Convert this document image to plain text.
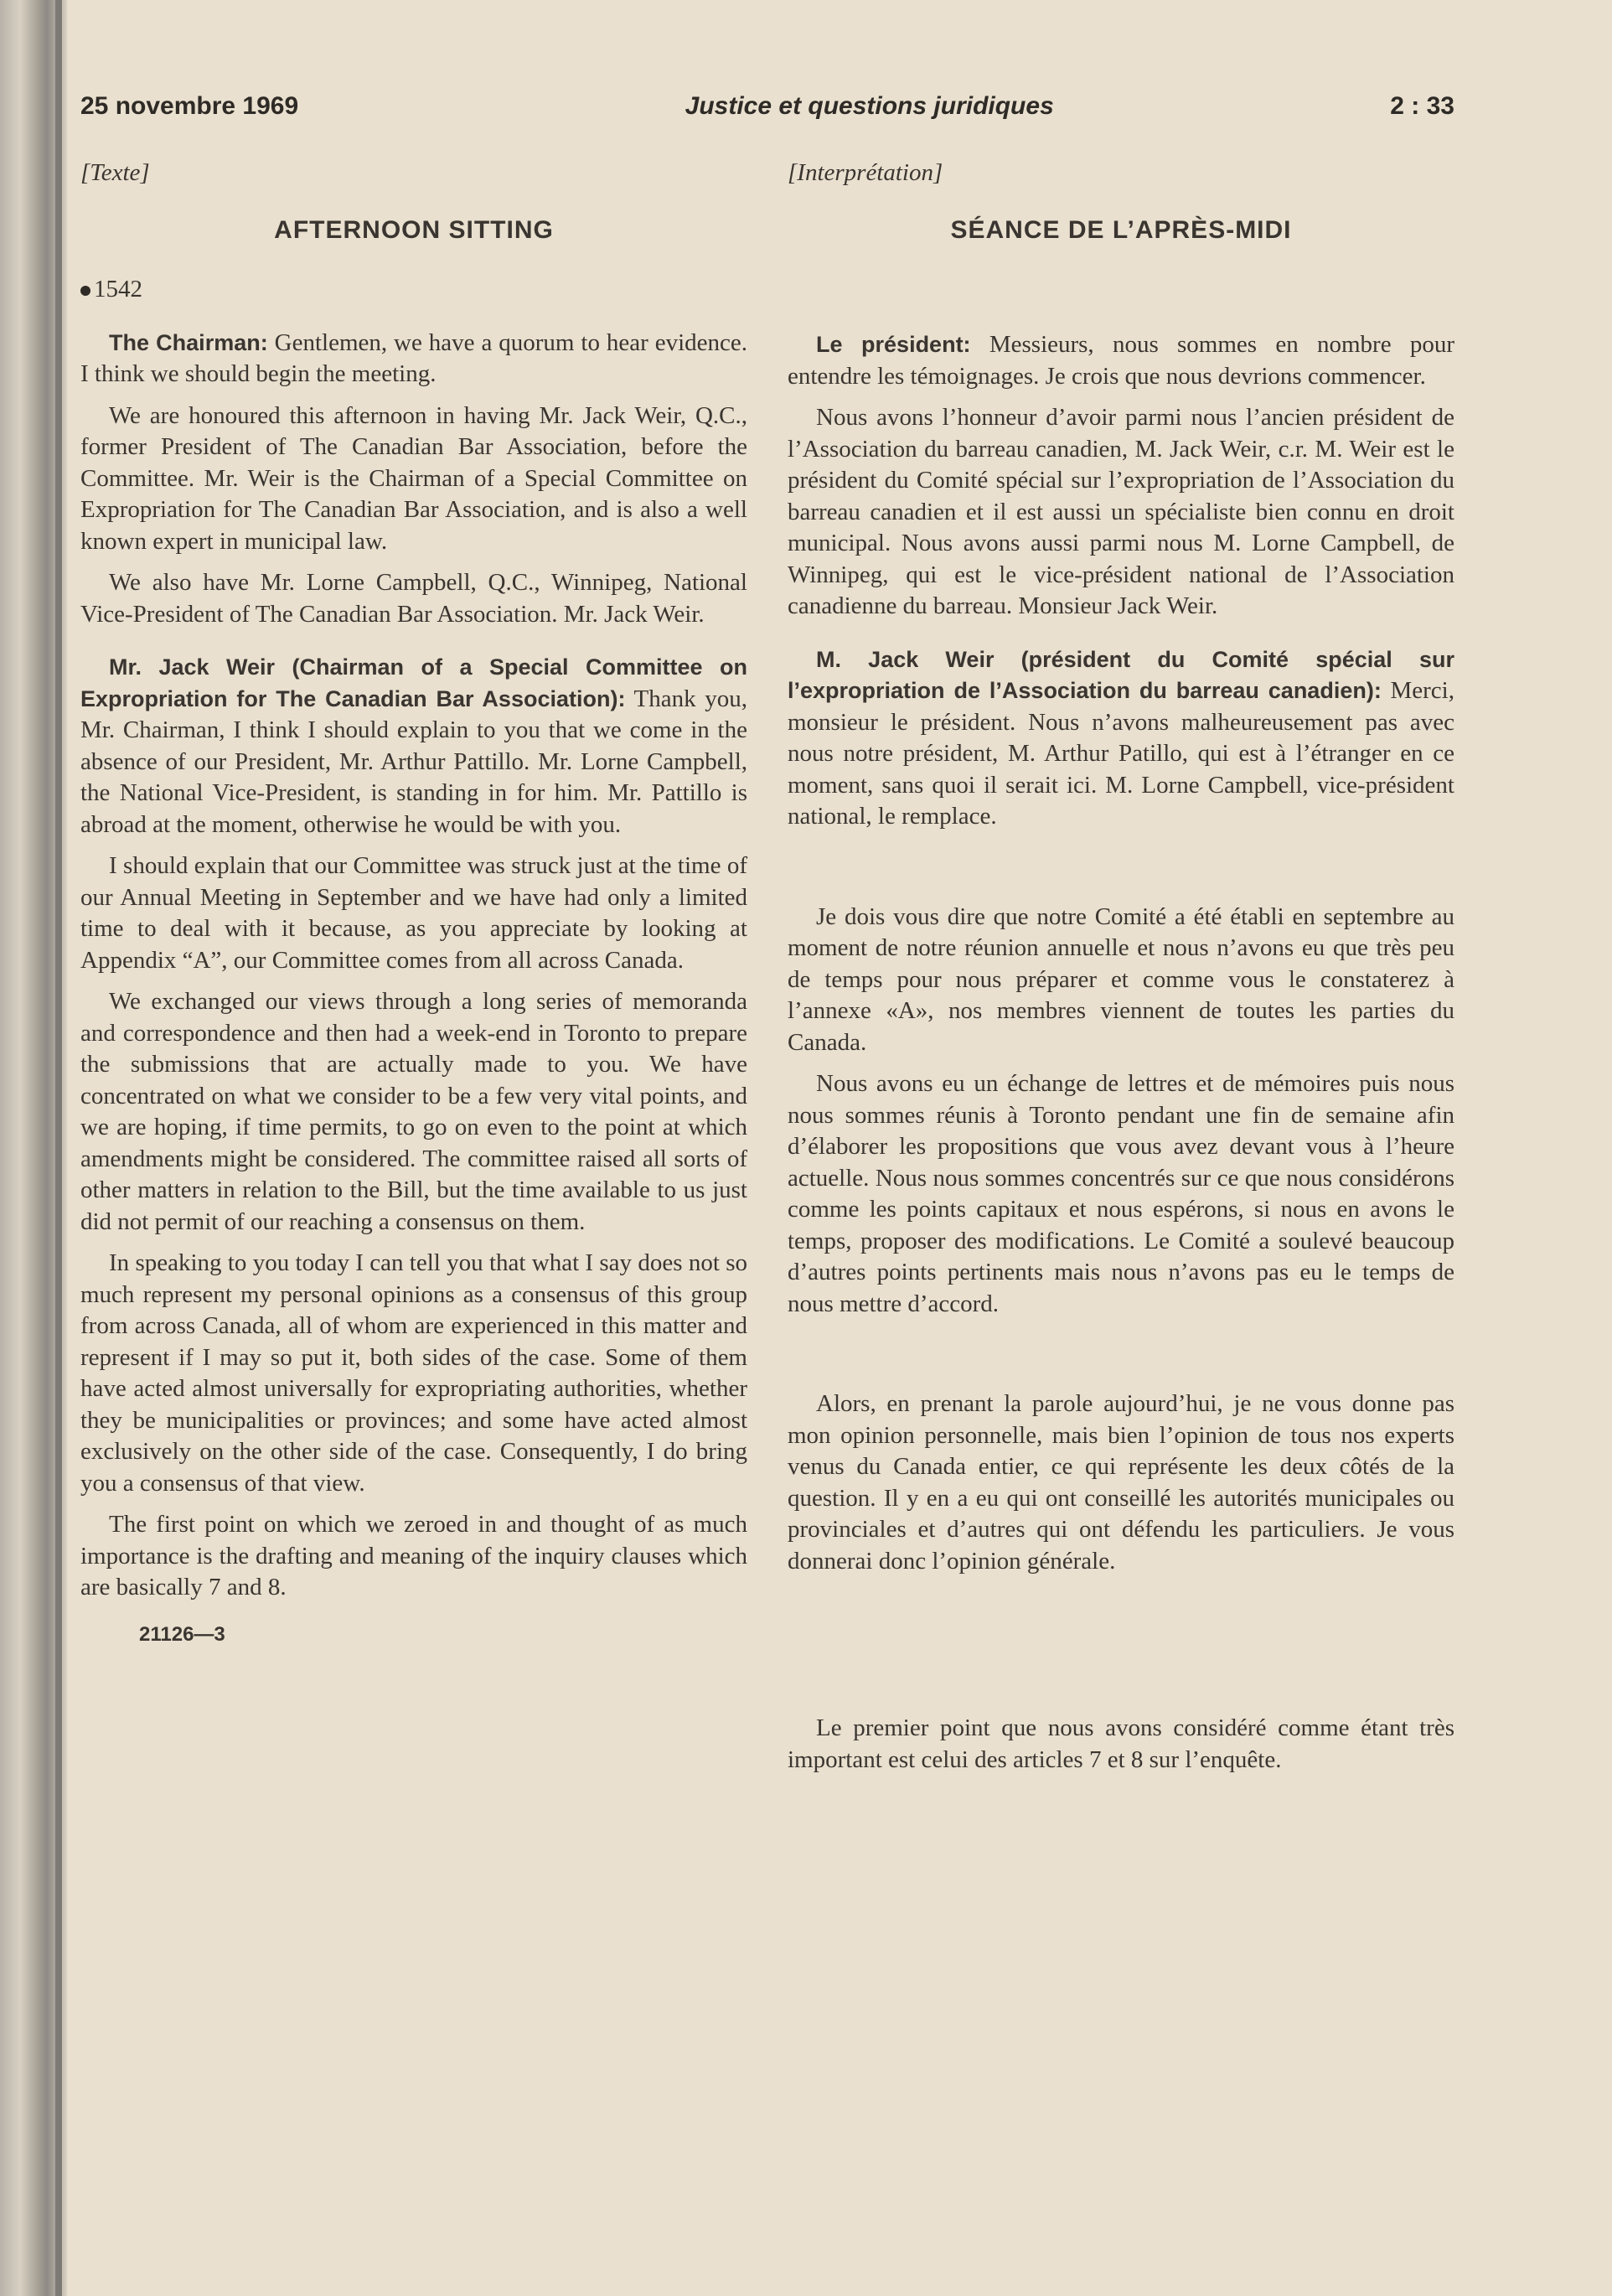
25 novembre 1969	Justice et questions juridiques	2 : 33
[Texte]
AFTERNOON SITTING
1542

The Chairman: Gentlemen, we have a quorum to hear evidence. I think we should begin the meeting.

We are honoured this afternoon in having Mr. Jack Weir, Q.C., former President of The Canadian Bar Association, before the Committee. Mr. Weir is the Chairman of a Special Committee on Expropriation for The Canadian Bar Association, and is also a well known expert in municipal law.

We also have Mr. Lorne Campbell, Q.C., Winnipeg, National Vice-President of The Canadian Bar Association. Mr. Jack Weir.

Mr. Jack Weir (Chairman of a Special Committee on Expropriation for The Canadian Bar Association): Thank you, Mr. Chairman, I think I should explain to you that we come in the absence of our President, Mr. Arthur Pattillo. Mr. Lorne Campbell, the National Vice-President, is standing in for him. Mr. Pattillo is abroad at the moment, otherwise he would be with you.

I should explain that our Committee was struck just at the time of our Annual Meeting in September and we have had only a limited time to deal with it because, as you appreciate by looking at Appendix “A”, our Committee comes from all across Canada.

We exchanged our views through a long series of memoranda and correspondence and then had a week-end in Toronto to prepare the submissions that are actually made to you. We have concentrated on what we consider to be a few very vital points, and we are hoping, if time permits, to go on even to the point at which amendments might be considered. The committee raised all sorts of other matters in relation to the Bill, but the time available to us just did not permit of our reaching a consensus on them.

In speaking to you today I can tell you that what I say does not so much represent my personal opinions as a consensus of this group from across Canada, all of whom are experienced in this matter and represent if I may so put it, both sides of the case. Some of them have acted almost universally for expropriating authorities, whether they be municipalities or provinces; and some have acted almost exclusively on the other side of the case. Consequently, I do bring you a consensus of that view.

The first point on which we zeroed in and thought of as much importance is the drafting and meaning of the inquiry clauses which are basically 7 and 8.

21126—3
[Interprétation]
SÉANCE DE L’APRÈS-MIDI

Le président: Messieurs, nous sommes en nombre pour entendre les témoignages. Je crois que nous devrions commencer.

Nous avons l’honneur d’avoir parmi nous l’ancien président de l’Association du barreau canadien, M. Jack Weir, c.r. M. Weir est le président du Comité spécial sur l’expropriation de l’Association du barreau canadien et il est aussi un spécialiste bien connu en droit municipal. Nous avons aussi parmi nous M. Lorne Campbell, de Winnipeg, qui est le vice-président national de l’Association canadienne du barreau. Monsieur Jack Weir.

M. Jack Weir (président du Comité spécial sur l’expropriation de l’Association du barreau canadien): Merci, monsieur le président. Nous n’avons malheureusement pas avec nous notre président, M. Arthur Patillo, qui est à l’étranger en ce moment, sans quoi il serait ici. M. Lorne Campbell, vice-président national, le remplace.

Je dois vous dire que notre Comité a été établi en septembre au moment de notre réunion annuelle et nous n’avons eu que très peu de temps pour nous préparer et comme vous le constaterez à l’annexe «A», nos membres viennent de toutes les parties du Canada.

Nous avons eu un échange de lettres et de mémoires puis nous nous sommes réunis à Toronto pendant une fin de semaine afin d’élaborer les propositions que vous avez devant vous à l’heure actuelle. Nous nous sommes concentrés sur ce que nous considérons comme les points capitaux et nous espérons, si nous en avons le temps, proposer des modifications. Le Comité a soulevé beaucoup d’autres points pertinents mais nous n’avons pas eu le temps de nous mettre d’accord.

Alors, en prenant la parole aujourd’hui, je ne vous donne pas mon opinion personnelle, mais bien l’opinion de tous nos experts venus du Canada entier, ce qui représente les deux côtés de la question. Il y en a eu qui ont conseillé les autorités municipales ou provinciales et d’autres qui ont défendu les particuliers. Je vous donnerai donc l’opinion générale.

Le premier point que nous avons considéré comme étant très important est celui des articles 7 et 8 sur l’enquête.
